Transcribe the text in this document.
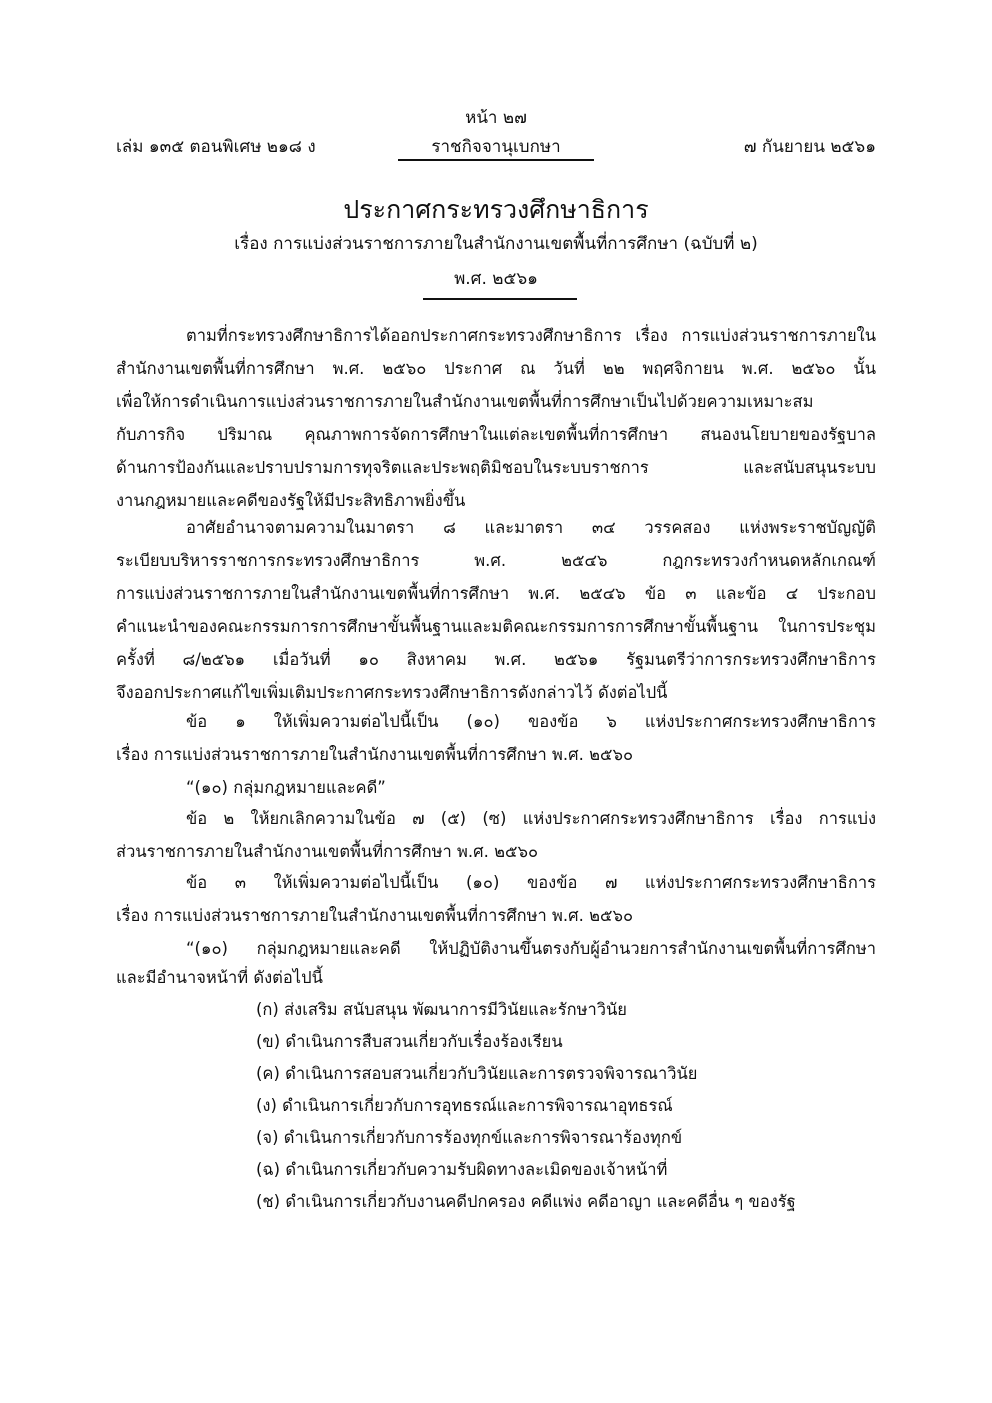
หน้า ๒๗
เล่ม ๑๓๕ ตอนพิเศษ ๒๑๘ ง	ราชกิจจานุเบกษา	๗ กันยายน ๒๕๖๑
ประกาศกระทรวงศึกษาธิการ
เรื่อง การแบ่งส่วนราชการภายในสำนักงานเขตพื้นที่การศึกษา (ฉบับที่ ๒)
พ.ศ. ๒๕๖๑
ตามที่กระทรวงศึกษาธิการได้ออกประกาศกระทรวงศึกษาธิการ เรื่อง การแบ่งส่วนราชการภายใน
สำนักงานเขตพื้นที่การศึกษา พ.ศ. ๒๕๖๐ ประกาศ ณ วันที่ ๒๒ พฤศจิกายน พ.ศ. ๒๕๖๐ นั้น
เพื่อให้การดำเนินการแบ่งส่วนราชการภายในสำนักงานเขตพื้นที่การศึกษาเป็นไปด้วยความเหมาะสม
กับภารกิจ ปริมาณ คุณภาพการจัดการศึกษาในแต่ละเขตพื้นที่การศึกษา สนองนโยบายของรัฐบาล
ด้านการป้องกันและปราบปรามการทุจริตและประพฤติมิชอบในระบบราชการ และสนับสนุนระบบ
งานกฎหมายและคดีของรัฐให้มีประสิทธิภาพยิ่งขึ้น
อาศัยอำนาจตามความในมาตรา ๘ และมาตรา ๓๔ วรรคสอง แห่งพระราชบัญญัติ
ระเบียบบริหารราชการกระทรวงศึกษาธิการ พ.ศ. ๒๕๔๖ กฎกระทรวงกำหนดหลักเกณฑ์
การแบ่งส่วนราชการภายในสำนักงานเขตพื้นที่การศึกษา พ.ศ. ๒๕๔๖ ข้อ ๓ และข้อ ๔ ประกอบ
คำแนะนำของคณะกรรมการการศึกษาขั้นพื้นฐานและมติคณะกรรมการการศึกษาขั้นพื้นฐาน ในการประชุม
ครั้งที่ ๘/๒๕๖๑ เมื่อวันที่ ๑๐ สิงหาคม พ.ศ. ๒๕๖๑ รัฐมนตรีว่าการกระทรวงศึกษาธิการ
จึงออกประกาศแก้ไขเพิ่มเติมประกาศกระทรวงศึกษาธิการดังกล่าวไว้ ดังต่อไปนี้
ข้อ ๑ ให้เพิ่มความต่อไปนี้เป็น (๑๐) ของข้อ ๖ แห่งประกาศกระทรวงศึกษาธิการ
เรื่อง การแบ่งส่วนราชการภายในสำนักงานเขตพื้นที่การศึกษา พ.ศ. ๒๕๖๐
“(๑๐) กลุ่มกฎหมายและคดี”
ข้อ ๒ ให้ยกเลิกความในข้อ ๗ (๕) (ซ) แห่งประกาศกระทรวงศึกษาธิการ เรื่อง การแบ่ง
ส่วนราชการภายในสำนักงานเขตพื้นที่การศึกษา พ.ศ. ๒๕๖๐
ข้อ ๓ ให้เพิ่มความต่อไปนี้เป็น (๑๐) ของข้อ ๗ แห่งประกาศกระทรวงศึกษาธิการ
เรื่อง การแบ่งส่วนราชการภายในสำนักงานเขตพื้นที่การศึกษา พ.ศ. ๒๕๖๐
“(๑๐) กลุ่มกฎหมายและคดี ให้ปฏิบัติงานขึ้นตรงกับผู้อำนวยการสำนักงานเขตพื้นที่การศึกษา
และมีอำนาจหน้าที่ ดังต่อไปนี้
(ก) ส่งเสริม สนับสนุน พัฒนาการมีวินัยและรักษาวินัย
(ข) ดำเนินการสืบสวนเกี่ยวกับเรื่องร้องเรียน
(ค) ดำเนินการสอบสวนเกี่ยวกับวินัยและการตรวจพิจารณาวินัย
(ง) ดำเนินการเกี่ยวกับการอุทธรณ์และการพิจารณาอุทธรณ์
(จ) ดำเนินการเกี่ยวกับการร้องทุกข์และการพิจารณาร้องทุกข์
(ฉ) ดำเนินการเกี่ยวกับความรับผิดทางละเมิดของเจ้าหน้าที่
(ช) ดำเนินการเกี่ยวกับงานคดีปกครอง คดีแพ่ง คดีอาญา และคดีอื่น ๆ ของรัฐ
